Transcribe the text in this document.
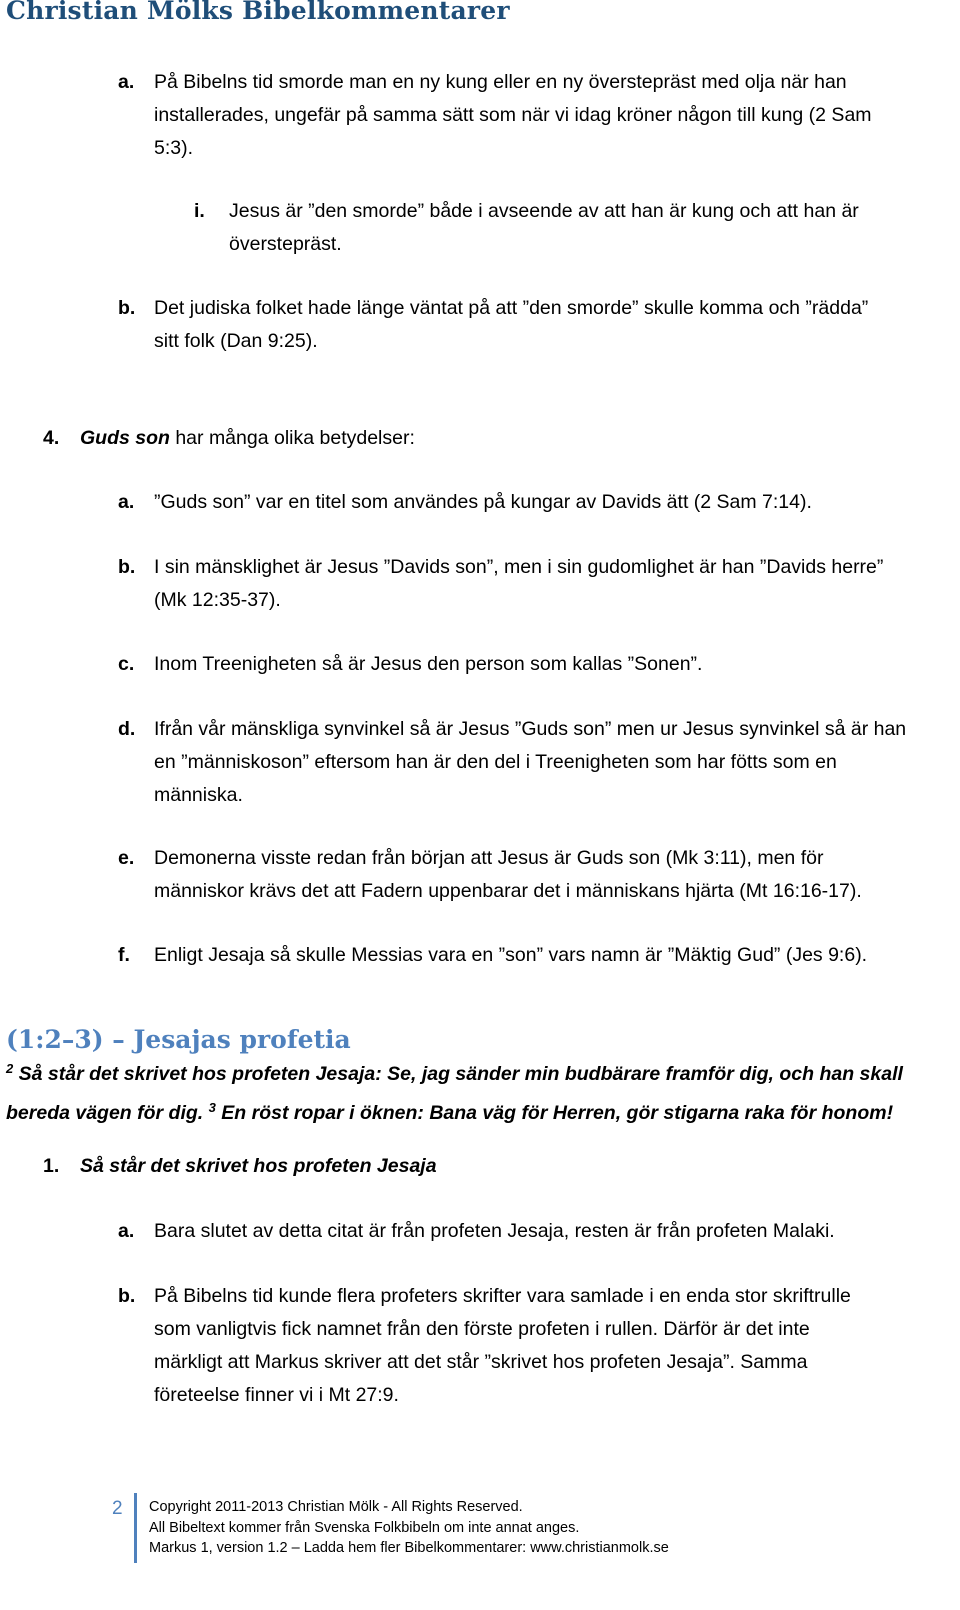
Christian Mölks Bibelkommentarer
a. På Bibelns tid smorde man en ny kung eller en ny överstepräst med olja när han
installerades, ungefär på samma sätt som när vi idag kröner någon till kung (2 Sam
5:3).
i. Jesus är ”den smorde” både i avseende av att han är kung och att han är
överstepräst.
b. Det judiska folket hade länge väntat på att ”den smorde” skulle komma och ”rädda”
sitt folk (Dan 9:25).
4. Guds son har många olika betydelser:
a. ”Guds son” var en titel som användes på kungar av Davids ätt (2 Sam 7:14).
b. I sin mänsklighet är Jesus ”Davids son”, men i sin gudomlighet är han ”Davids herre”
(Mk 12:35-37).
c. Inom Treenigheten så är Jesus den person som kallas ”Sonen”.
d. Ifrån vår mänskliga synvinkel så är Jesus ”Guds son” men ur Jesus synvinkel så är han
en ”människoson” eftersom han är den del i Treenigheten som har fötts som en
människa.
e. Demonerna visste redan från början att Jesus är Guds son (Mk 3:11), men för
människor krävs det att Fadern uppenbarar det i människans hjärta (Mt 16:16-17).
f. Enligt Jesaja så skulle Messias vara en ”son” vars namn är ”Mäktig Gud” (Jes 9:6).
(1:2–3) – Jesajas profetia
$^2$ Så står det skrivet hos profeten Jesaja: Se, jag sänder min budbärare framför dig, och han skall
bereda vägen för dig. $^3$ En röst ropar i öknen: Bana väg för Herren, gör stigarna raka för honom!
1. Så står det skrivet hos profeten Jesaja
a. Bara slutet av detta citat är från profeten Jesaja, resten är från profeten Malaki.
b. På Bibelns tid kunde flera profeters skrifter vara samlade i en enda stor skriftrulle
som vanligtvis fick namnet från den förste profeten i rullen. Därför är det inte
märkligt att Markus skriver att det står ”skrivet hos profeten Jesaja”. Samma
företeelse finner vi i Mt 27:9.
2 Copyright 2011-2013 Christian Mölk - All Rights Reserved.
All Bibeltext kommer från Svenska Folkbibeln om inte annat anges.
Markus 1, version 1.2 – Ladda hem fler Bibelkommentarer: www.christianmolk.se
